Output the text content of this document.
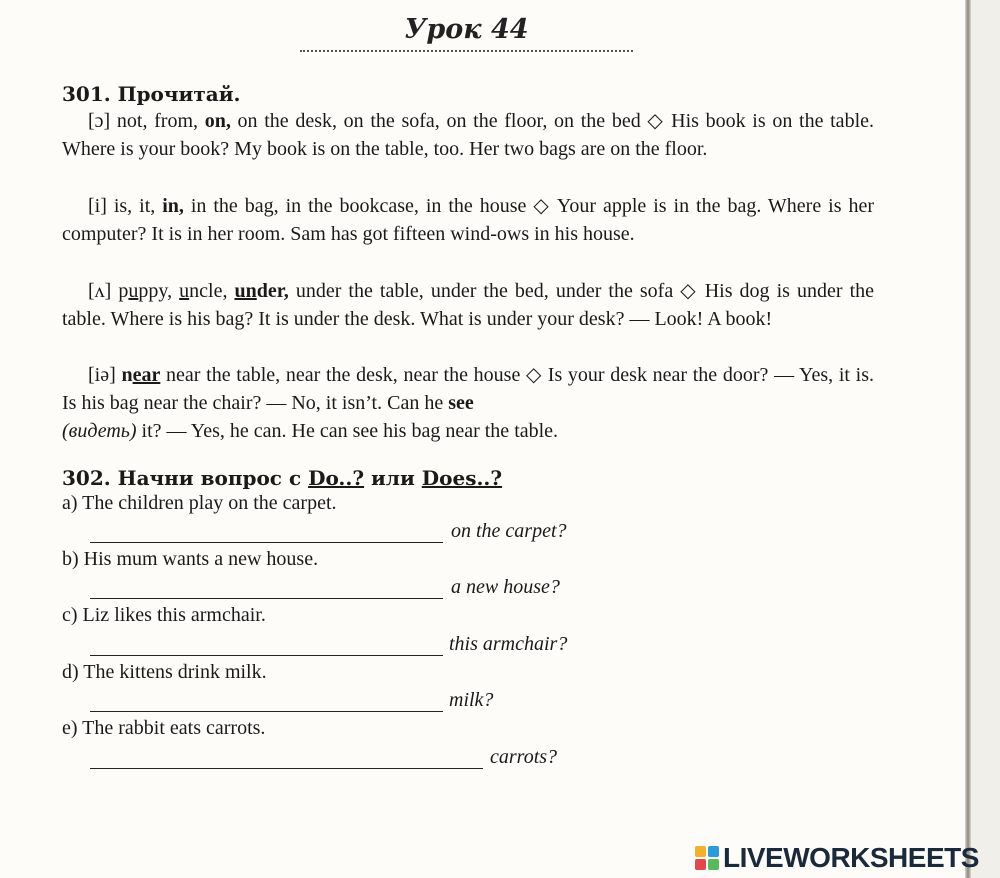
Урок 44
301. Прочитай.
[ɔ] not, from, on, on the desk, on the sofa, on the floor, on the bed ◇ His book is on the table. Where is your book? My book is on the table, too. Her two bags are on the floor.
[i] is, it, in, in the bag, in the bookcase, in the house ◇ Your apple is in the bag. Where is her computer? It is in her room. Sam has got fifteen wind-ows in his house.
[ʌ] puppy, uncle, under, under the table, under the bed, under the sofa ◇ His dog is under the table. Where is his bag? It is under the desk. What is under your desk? — Look! A book!
[iə] near near the table, near the desk, near the house ◇ Is your desk near the door? — Yes, it is. Is his bag near the chair? — No, it isn’t. Can he see
(видеть) it? — Yes, he can. He can see his bag near the table.
302. Начни вопрос с Do..? или Does..?
a) The children play on the carpet.
on the carpet?
b) His mum wants a new house.
a new house?
c) Liz likes this armchair.
this armchair?
d) The kittens drink milk.
milk?
e) The rabbit eats carrots.
carrots?
LIVEWORKSHEETS
